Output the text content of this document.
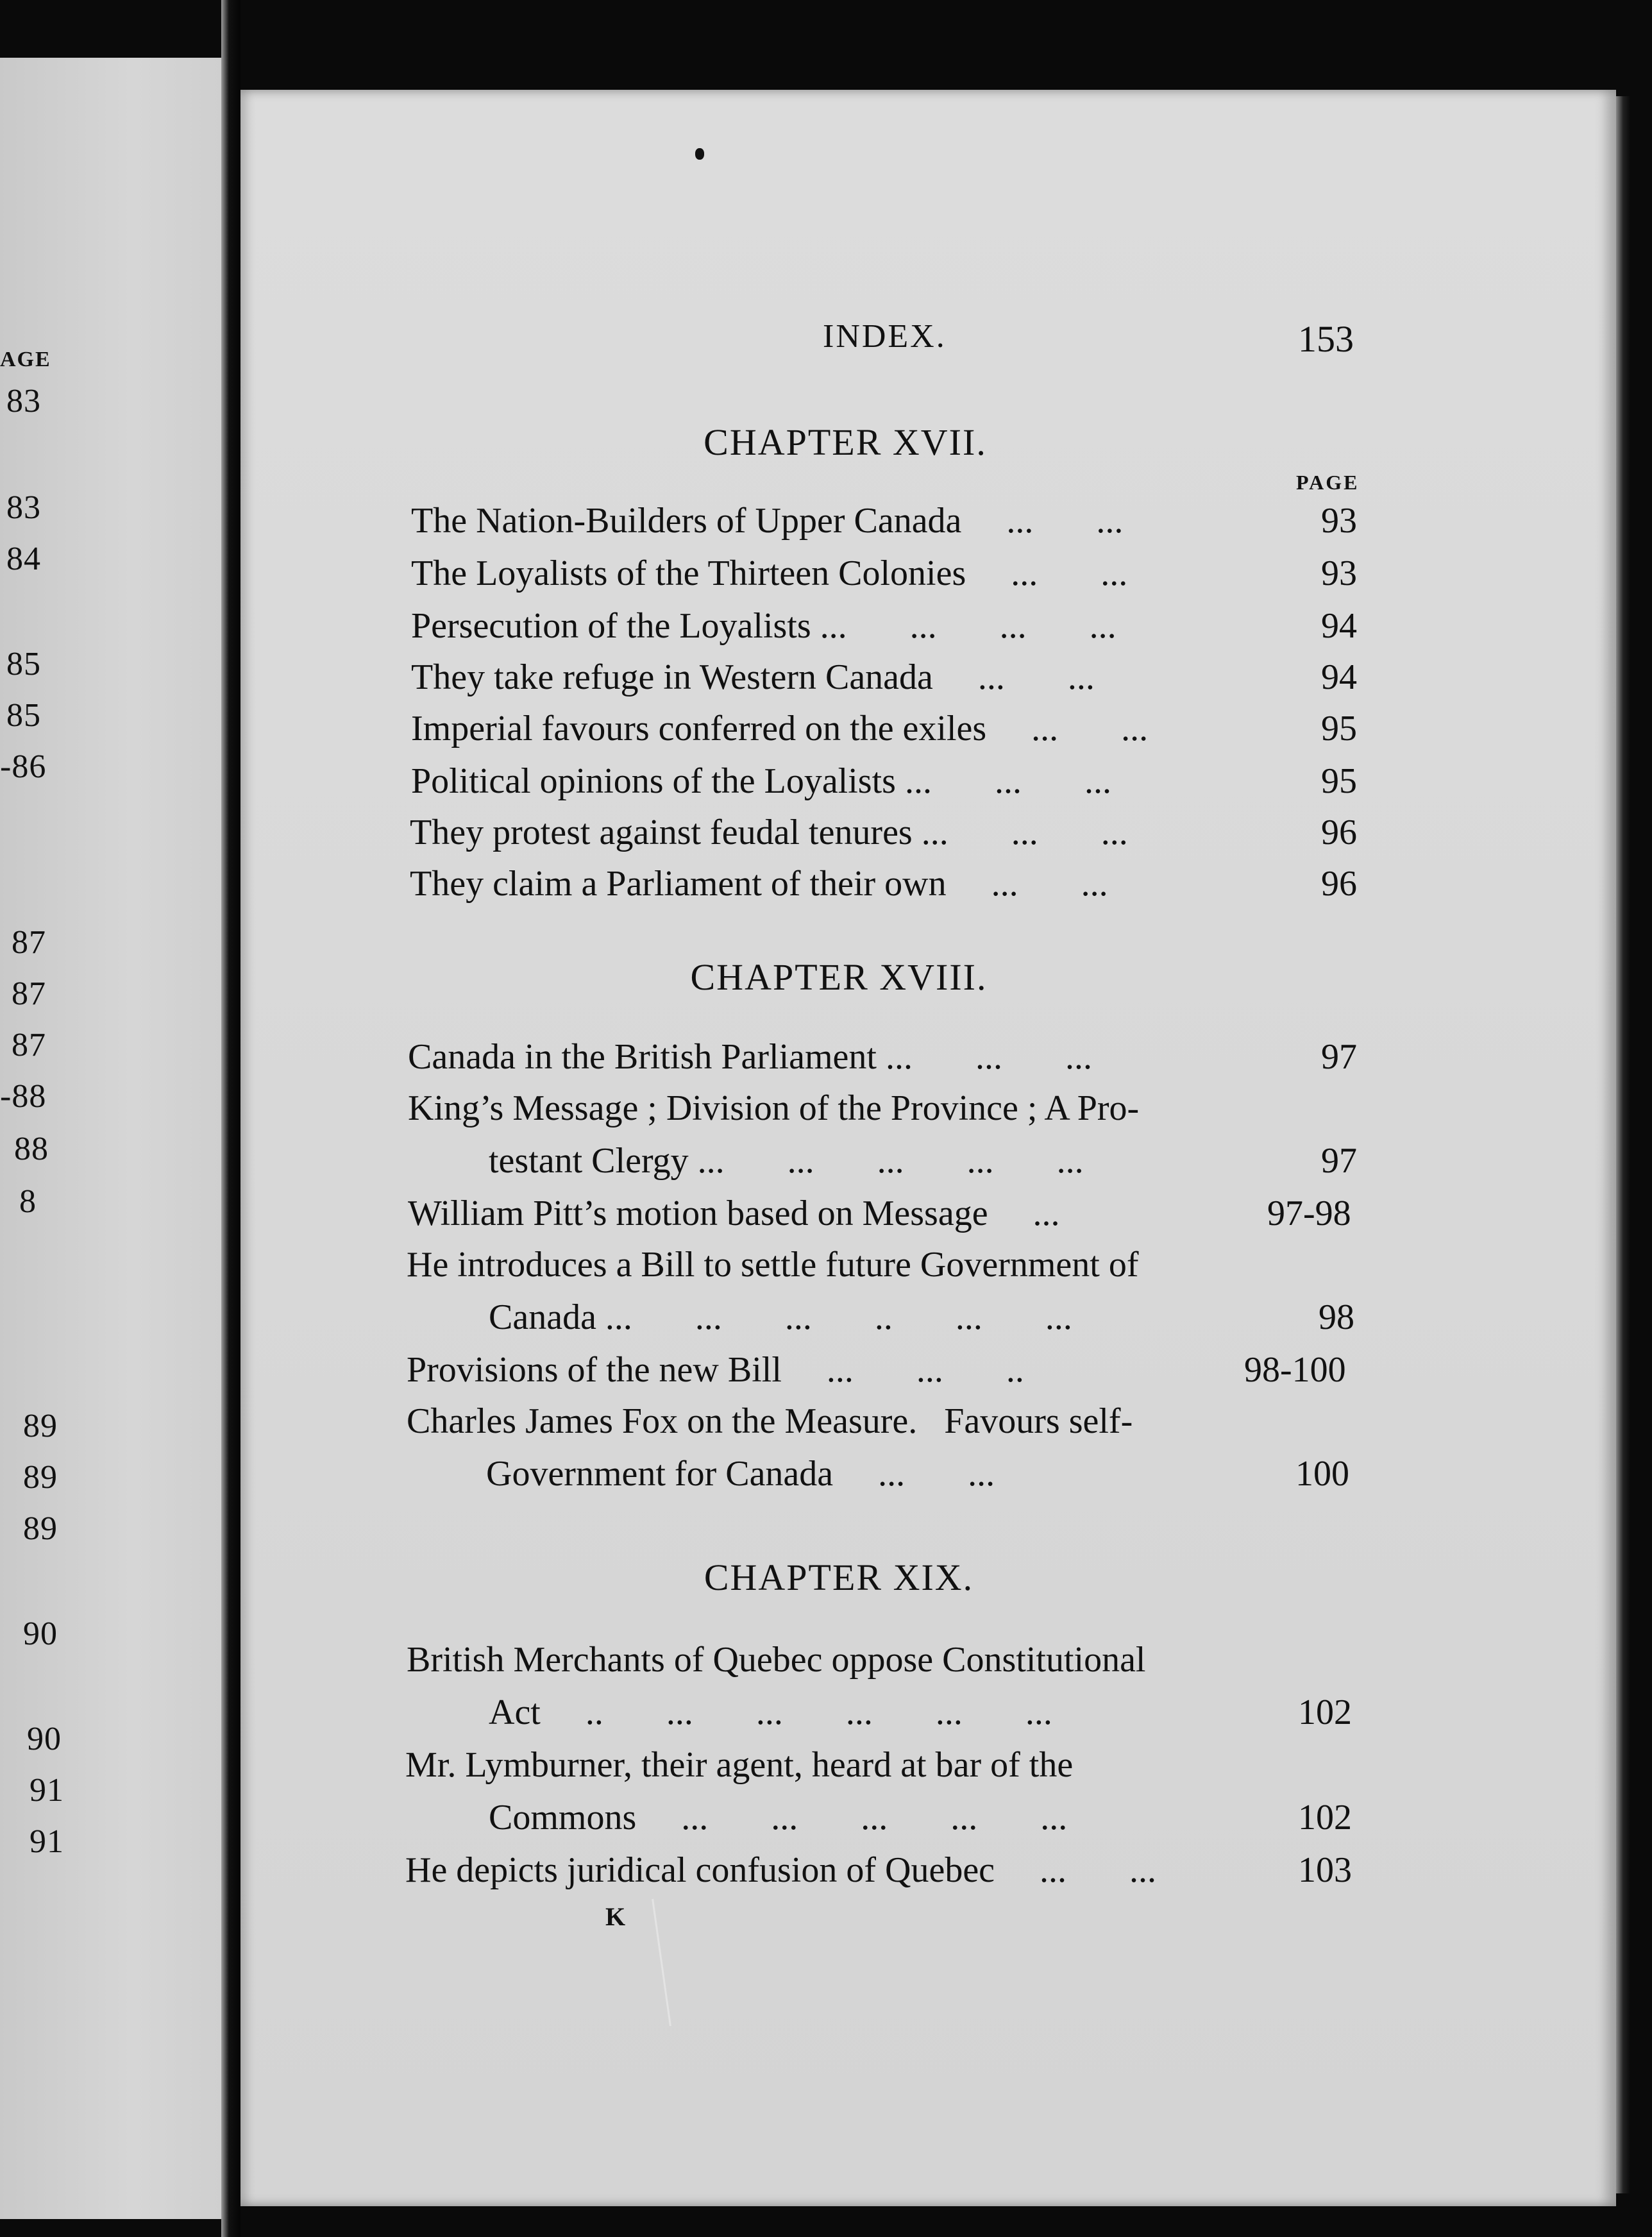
AGE
83
83
84
85
85
-86
87
87
87
-88
88
8
89
89
89
90
90
91
91
INDEX.	153
CHAPTER XVII.
PAGE
The Nation-Builders of Upper Canada     ...       ...	93
The Loyalists of the Thirteen Colonies     ...       ...	93
Persecution of the Loyalists ...       ...       ...       ...	94
They take refuge in Western Canada     ...       ...	94
Imperial favours conferred on the exiles     ...       ...	95
Political opinions of the Loyalists ...       ...       ...	95
They protest against feudal tenures ...       ...       ...	96
They claim a Parliament of their own     ...       ...	96
CHAPTER XVIII.
Canada in the British Parliament ...       ...       ...	97
King’s Message ; Division of the Province ; A Pro-
testant Clergy ...       ...       ...       ...       ...	97
William Pitt’s motion based on Message     ...	97-98
He introduces a Bill to settle future Government of
Canada ...       ...       ...       ..       ...       ...	98
Provisions of the new Bill     ...       ...       ..	98-100
Charles James Fox on the Measure.   Favours self-
Government for Canada     ...       ...	100
CHAPTER XIX.
British Merchants of Quebec oppose Constitutional
Act     ..       ...       ...       ...       ...       ...	102
Mr. Lymburner, their agent, heard at bar of the
Commons     ...       ...       ...       ...       ...	102
He depicts juridical confusion of Quebec     ...       ...	103
K
